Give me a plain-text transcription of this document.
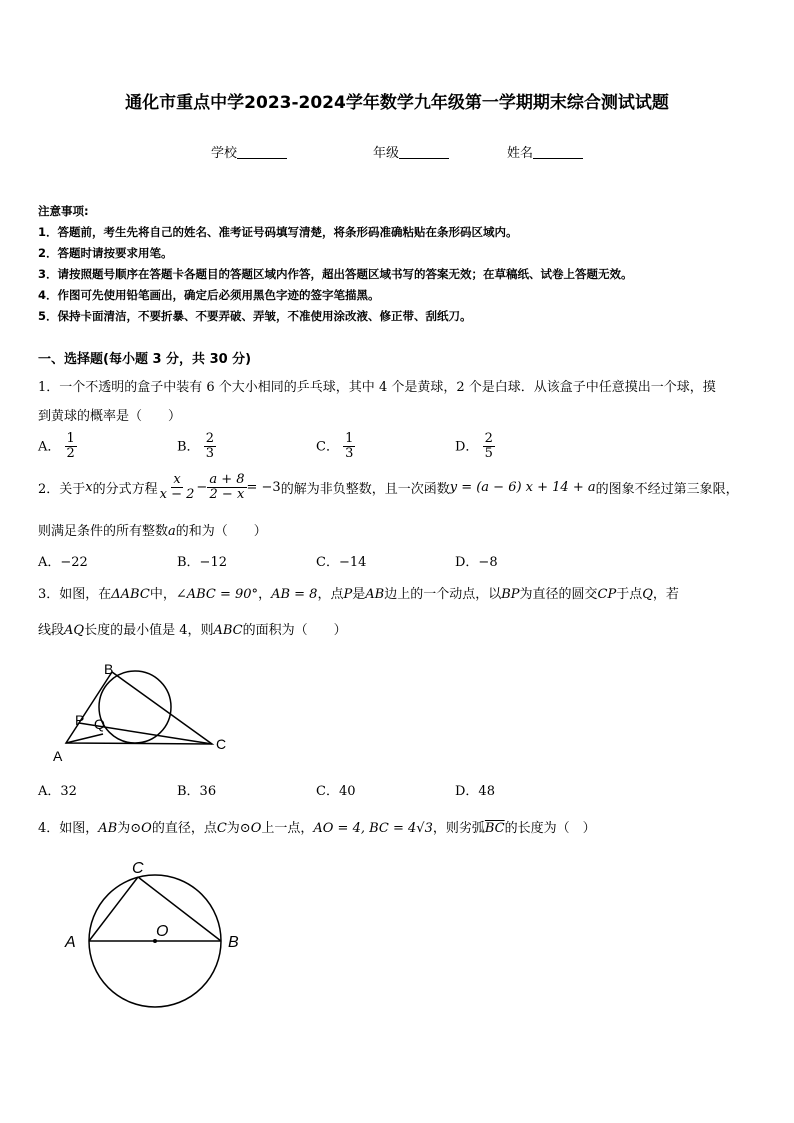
通化市重点中学2023-2024学年数学九年级第一学期期末综合测试试题
学校	年级	姓名
注意事项:
1．答题前，考生先将自己的姓名、准考证号码填写清楚，将条形码准确粘贴在条形码区域内。
2．答题时请按要求用笔。
3．请按照题号顺序在答题卡各题目的答题区域内作答，超出答题区域书写的答案无效；在草稿纸、试卷上答题无效。
4．作图可先使用铅笔画出，确定后必须用黑色字迹的签字笔描黑。
5．保持卡面清洁，不要折暴、不要弄破、弄皱，不准使用涂改液、修正带、刮纸刀。
一、选择题(每小题 3 分，共 30 分)
1．一个不透明的盒子中装有 6 个大小相同的乒乓球，其中 4 个是黄球，2 个是白球．从该盒子中任意摸出一个球，摸
到黄球的概率是（　　）
A． $\frac{1}{2}$	B． $\frac{2}{3}$	C． $\frac{1}{3}$	D． $\frac{2}{5}$
2．关于 x 的分式方程 $\frac{x}{x - 2} - \frac{a + 8}{2 - x} = -3$ 的解为非负整数，且一次函数 y = (a − 6) x + 14 + a 的图象不经过第三象限，
则满足条件的所有整数a的和为（　　）
A．−22	B．−12	C．−14	D．−8
3．如图，在ΔABC中，∠ABC = 90°，AB = 8，点P是AB边上的一个动点，以BP为直径的圆交CP于点Q，若
线段AQ长度的最小值是 4，则ABC的面积为（　　）
B
P Q
A
C
A．32	B．36	C．40	D．48
4．如图，AB为⊙O的直径，点C为⊙O上一点，AO = 4, BC = 4√3，则劣弧$\overline{BC}$的长度为（　）
C
O
A	B
